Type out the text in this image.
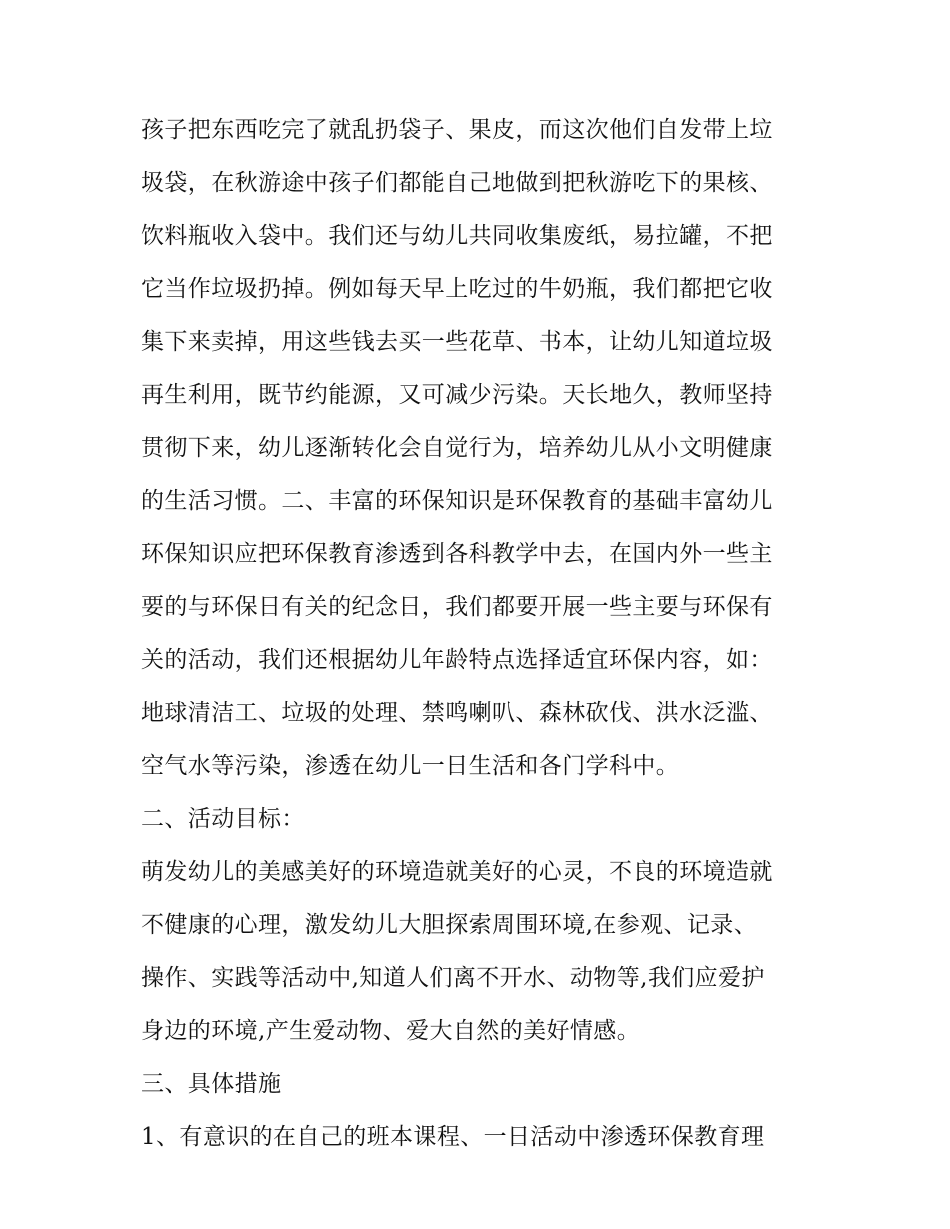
孩子把东西吃完了就乱扔袋子、果皮，而这次他们自发带上垃
圾袋，在秋游途中孩子们都能自己地做到把秋游吃下的果核、
饮料瓶收入袋中。我们还与幼儿共同收集废纸，易拉罐，不把
它当作垃圾扔掉。例如每天早上吃过的牛奶瓶，我们都把它收
集下来卖掉，用这些钱去买一些花草、书本，让幼儿知道垃圾
再生利用，既节约能源，又可减少污染。天长地久，教师坚持
贯彻下来，幼儿逐渐转化会自觉行为，培养幼儿从小文明健康
的生活习惯。二、丰富的环保知识是环保教育的基础丰富幼儿
环保知识应把环保教育渗透到各科教学中去，在国内外一些主
要的与环保日有关的纪念日，我们都要开展一些主要与环保有
关的活动，我们还根据幼儿年龄特点选择适宜环保内容，如：
地球清洁工、垃圾的处理、禁鸣喇叭、森林砍伐、洪水泛滥、
空气水等污染，渗透在幼儿一日生活和各门学科中。
二、活动目标：
萌发幼儿的美感美好的环境造就美好的心灵，不良的环境造就
不健康的心理，激发幼儿大胆探索周围环境,在参观、记录、
操作、实践等活动中,知道人们离不开水、动物等,我们应爱护
身边的环境,产生爱动物、爱大自然的美好情感。
三、具体措施
1、有意识的在自己的班本课程、一日活动中渗透环保教育理
